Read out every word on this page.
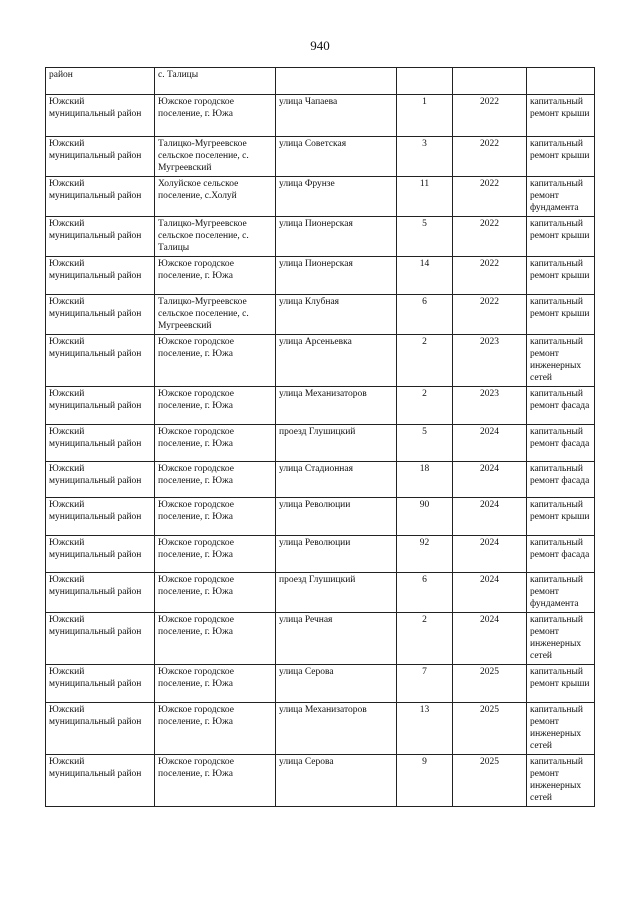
940
район	с. Талицы				
Южский муниципальный район	Южское городское поселение, г. Южа	улица Чапаева	1	2022	капитальный ремонт крыши
Южский муниципальный район	Талицко-Мугреевское сельское поселение, с. Мугреевский	улица Советская	3	2022	капитальный ремонт крыши
Южский муниципальный район	Холуйское сельское поселение, с.Холуй	улица Фрунзе	11	2022	капитальный ремонт фундамента
Южский муниципальный район	Талицко-Мугреевское сельское поселение, с. Талицы	улица Пионерская	5	2022	капитальный ремонт крыши
Южский муниципальный район	Южское городское поселение, г. Южа	улица Пионерская	14	2022	капитальный ремонт крыши
Южский муниципальный район	Талицко-Мугреевское сельское поселение, с. Мугреевский	улица Клубная	6	2022	капитальный ремонт крыши
Южский муниципальный район	Южское городское поселение, г. Южа	улица Арсеньевка	2	2023	капитальный ремонт инженерных сетей
Южский муниципальный район	Южское городское поселение, г. Южа	улица Механизаторов	2	2023	капитальный ремонт фасада
Южский муниципальный район	Южское городское поселение, г. Южа	проезд Глушицкий	5	2024	капитальный ремонт фасада
Южский муниципальный район	Южское городское поселение, г. Южа	улица Стадионная	18	2024	капитальный ремонт фасада
Южский муниципальный район	Южское городское поселение, г. Южа	улица Революции	90	2024	капитальный ремонт крыши
Южский муниципальный район	Южское городское поселение, г. Южа	улица Революции	92	2024	капитальный ремонт фасада
Южский муниципальный район	Южское городское поселение, г. Южа	проезд Глушицкий	6	2024	капитальный ремонт фундамента
Южский муниципальный район	Южское городское поселение, г. Южа	улица Речная	2	2024	капитальный ремонт инженерных сетей
Южский муниципальный район	Южское городское поселение, г. Южа	улица Серова	7	2025	капитальный ремонт крыши
Южский муниципальный район	Южское городское поселение, г. Южа	улица Механизаторов	13	2025	капитальный ремонт инженерных сетей
Южский муниципальный район	Южское городское поселение, г. Южа	улица Серова	9	2025	капитальный ремонт инженерных сетей
